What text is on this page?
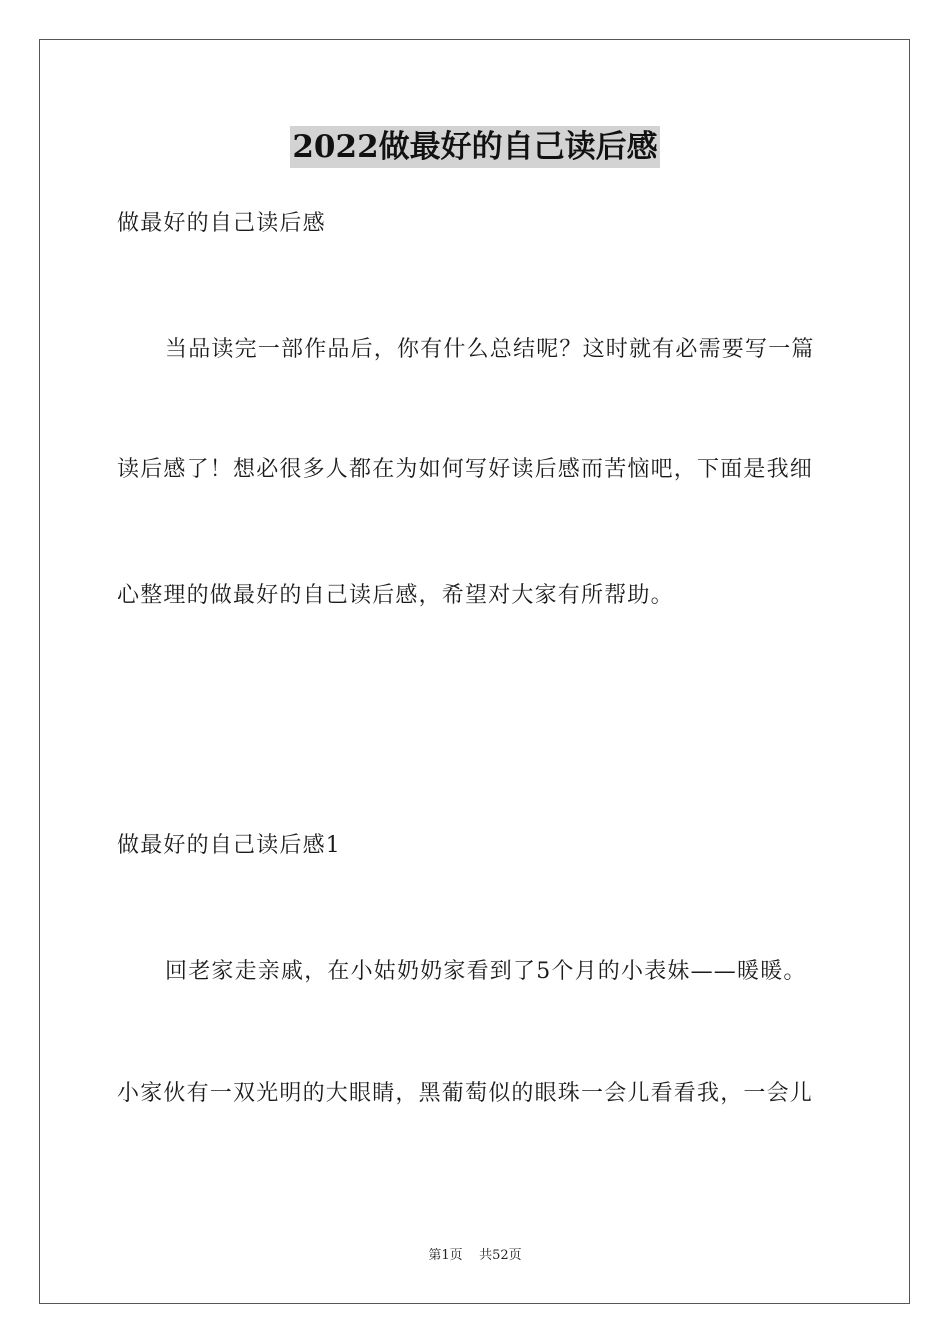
2022做最好的自己读后感
做最好的自己读后感
当品读完一部作品后，你有什么总结呢？这时就有必需要写一篇
读后感了！想必很多人都在为如何写好读后感而苦恼吧，下面是我细
心整理的做最好的自己读后感，希望对大家有所帮助。
做最好的自己读后感1
回老家走亲戚，在小姑奶奶家看到了5个月的小表妹——暖暖。
小家伙有一双光明的大眼睛，黑葡萄似的眼珠一会儿看看我，一会儿
第1页    共52页
